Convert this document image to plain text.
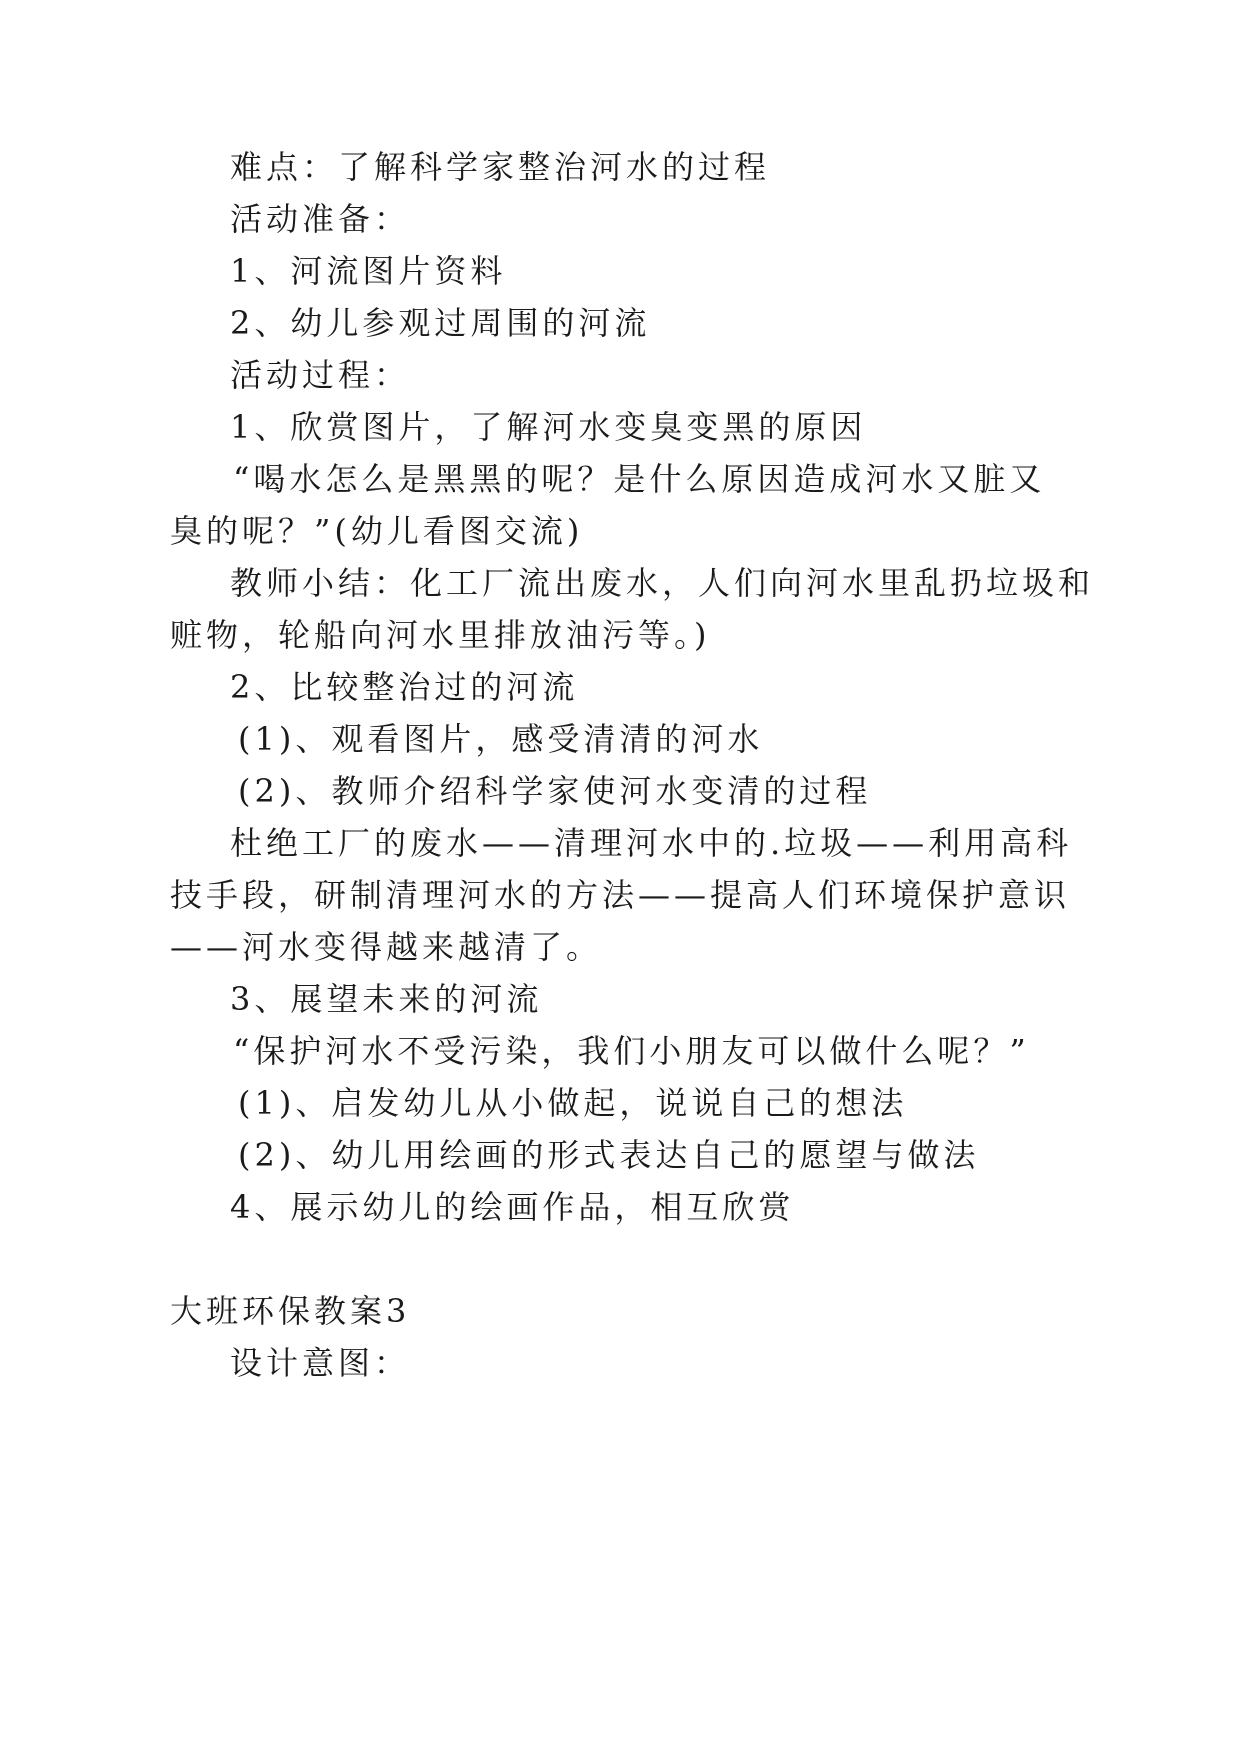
难点：了解科学家整治河水的过程
活动准备：
1、河流图片资料
2、幼儿参观过周围的河流
活动过程：
1、欣赏图片，了解河水变臭变黑的原因
“喝水怎么是黑黑的呢？是什么原因造成河水又脏又
臭的呢？”(幼儿看图交流)
教师小结：化工厂流出废水，人们向河水里乱扔垃圾和
赃物，轮船向河水里排放油污等。)
2、比较整治过的河流
(1)、观看图片，感受清清的河水
(2)、教师介绍科学家使河水变清的过程
杜绝工厂的废水——清理河水中的.垃圾——利用高科
技手段，研制清理河水的方法——提高人们环境保护意识
——河水变得越来越清了。
3、展望未来的河流
“保护河水不受污染，我们小朋友可以做什么呢？”
(1)、启发幼儿从小做起，说说自己的想法
(2)、幼儿用绘画的形式表达自己的愿望与做法
4、展示幼儿的绘画作品，相互欣赏
大班环保教案3
设计意图：
